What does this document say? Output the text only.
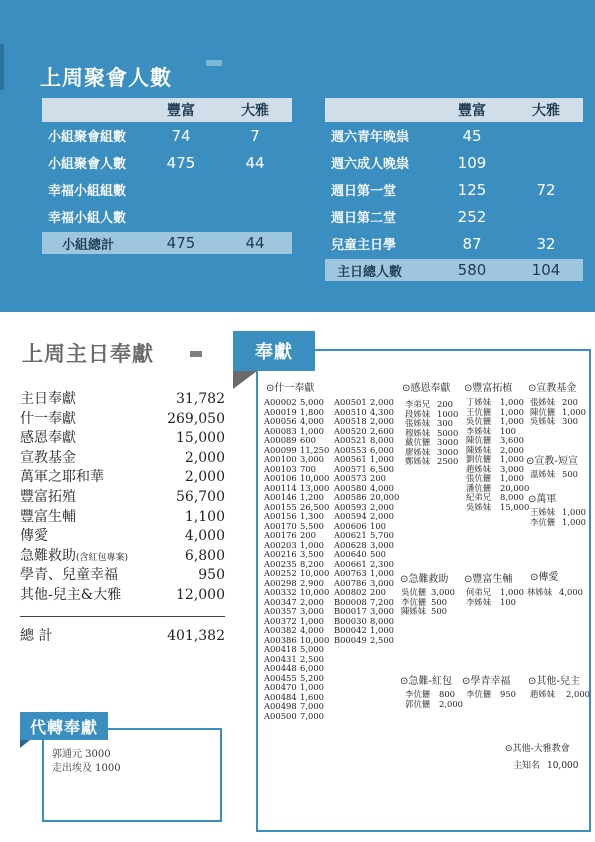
上周聚會人數
豐富	大雅
小組聚會組數	74	7
小組聚會人數	475	44
幸福小組組數
幸福小組人數
小組總計	475	44
豐富	大雅
週六青年晚祟	45
週六成人晚祟	109
週日第一堂	125	72
週日第二堂	252
兒童主日學	87	32
主日總人數	580	104
上周主日奉獻
主日奉獻	31,782
什一奉獻	269,050
感恩奉獻	15,000
宣教基金	2,000
萬軍之耶和華	2,000
豐富拓殖	56,700
豐富生輔	1,100
傳愛	4,000
急難救助(含紅包專案)	6,800
學青、兒童幸福	950
其他-兒主&大雅	12,000
總 計	401,382
代轉奉獻
郭通元 3000
走出埃及 1000
奉獻
⊙什一奉獻
A00002 5,000
A00019 1,800
A00056 4,000
A00083 1,000
A00089 600
A00099 11,250
A00100 3,000
A00103 700
A00106 10,000
A00114 13,000
A00146 1,200
A00155 26,500
A00156 1,300
A00170 5,500
A00176 200
A00203 1,000
A00216 3,500
A00235 8,200
A00252 10,000
A00298 2,900
A00332 10,000
A00347 2,000
A00357 3,000
A00372 1,000
A00382 4,000
A00386 10,000
A00418 5,000
A00431 2,500
A00448 6,000
A00455 5,200
A00470 1,000
A00484 1,600
A00498 7,000
A00500 7,000
A00501 2,000
A00510 4,300
A00518 2,000
A00520 2,600
A00521 8,000
A00553 6,000
A00561 1,000
A00571 6,500
A00573 200
A00580 4,000
A00586 20,000
A00593 2,000
A00594 2,000
A00606 100
A00621 5,700
A00628 3,000
A00640 500
A00661 2,300
A00763 1,000
A00786 3,000
A00802 200
B00008 7,200
B00017 3,000
B00030 8,000
B00042 1,000
B00049 2,500
⊙感恩奉獻
李弟兄 200
段姊妹 1000
張姊妹 300
穆姊妹 5000
戴伉儷 3000
廖姊妹 3000
鄭姊妹 2500
⊙豐富拓植
丁姊妹	1,000
王伉儷	1,000
吳伉儷	1,000
李姊妹	100
陳伉儷	3,600
陳姊妹	2,000
劉伉儷	1,000
趙姊妹	3,000
張伉儷	1,000
潘伉儷	20,000
紀弟兄	8,000
吳姊妹	15,000
⊙宣教基金
張姊妹 200
陳伉儷 1,000
吳姊妹 300
⊙宣教-短宣
溫姊妹 500
⊙萬軍
王姊妹 1,000
李伉儷 1,000
⊙急難救助
吳伉儷 3,000
李伉儷 500
陳姊妹 500
⊙豐富生輔
何弟兄	1,000
李姊妹	100
⊙傳愛
林姊妹 4,000
⊙急難-紅包
李伉儷	800
郭伉儷	2,000
⊙學青幸福
李伉儷	950
⊙其他-兒主
趙姊妹	2,000
⊙其他-大雅教會
主知名 10,000
